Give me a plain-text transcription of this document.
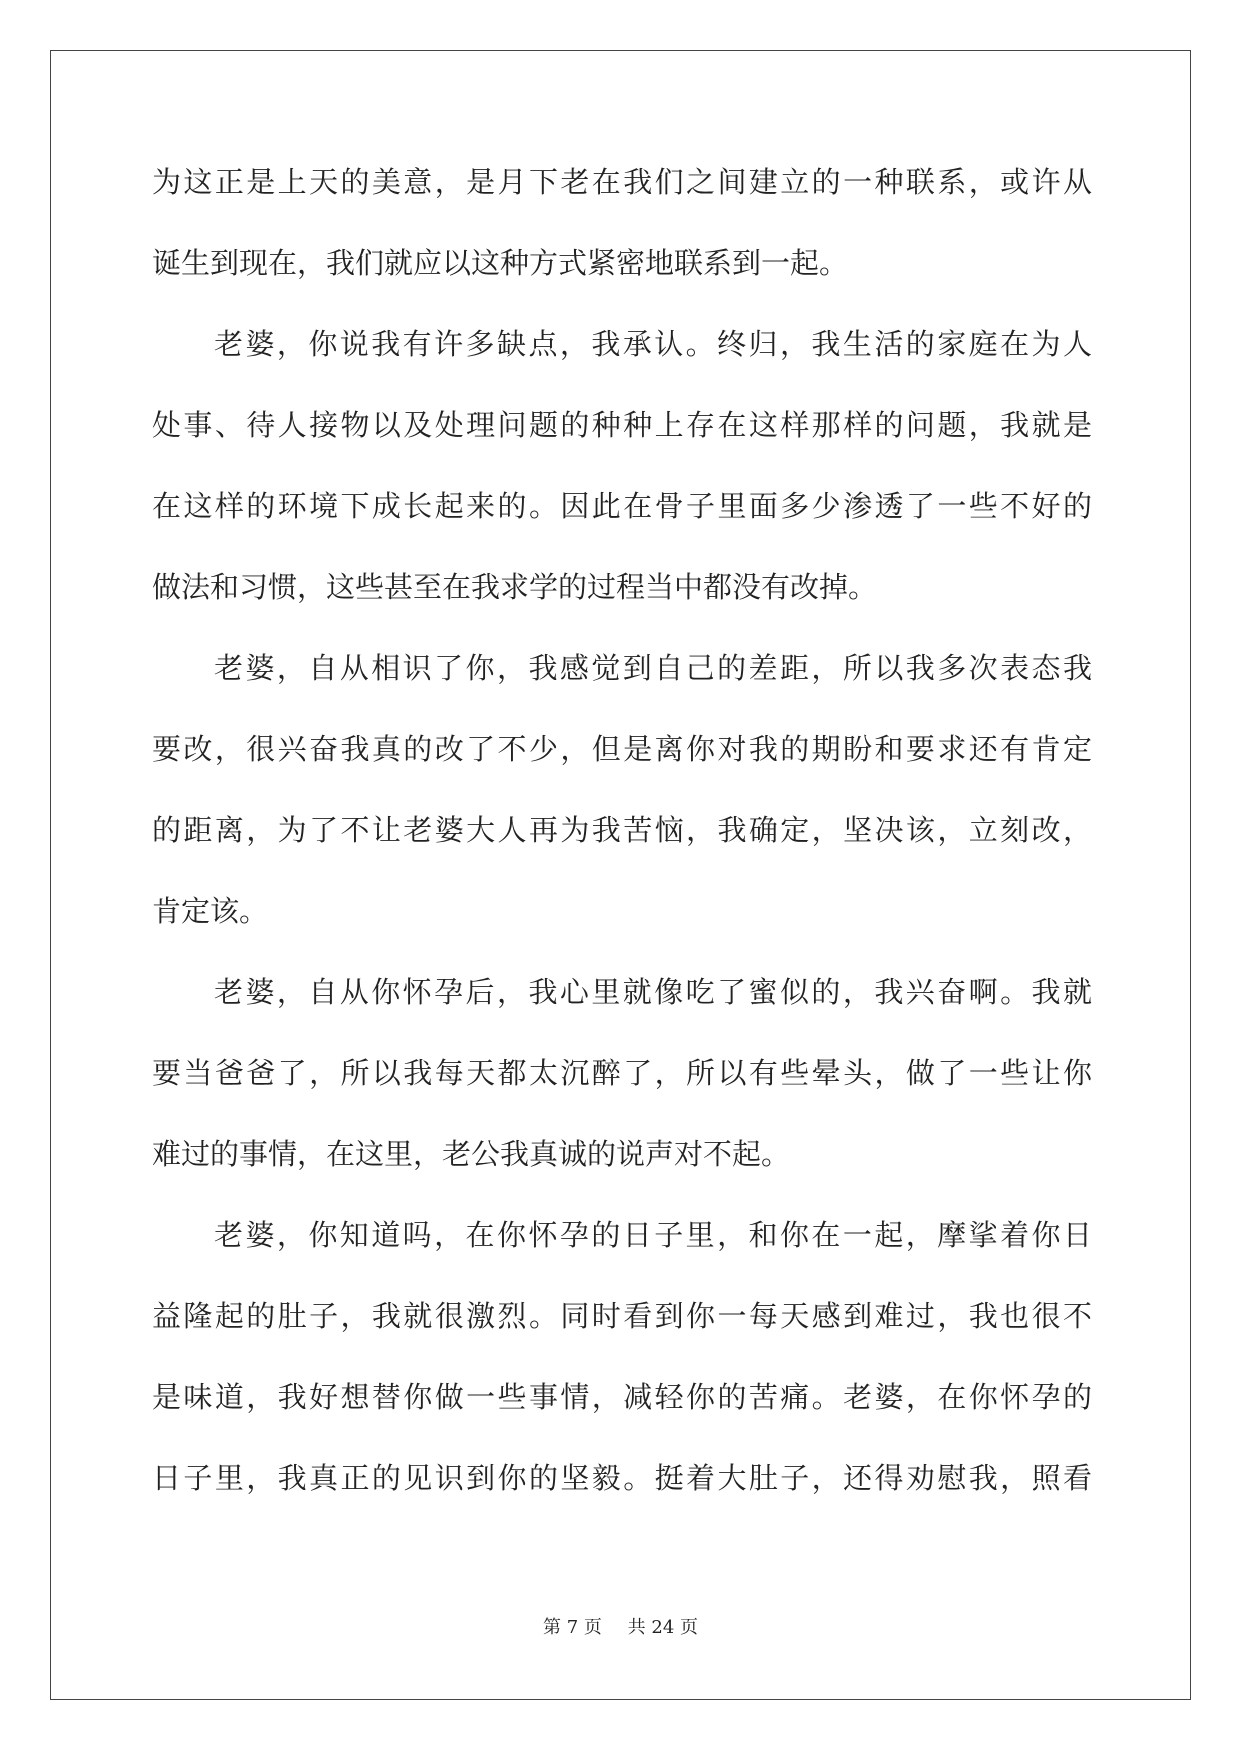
为这正是上天的美意，是月下老在我们之间建立的一种联系，或许从
诞生到现在，我们就应以这种方式紧密地联系到一起。
老婆，你说我有许多缺点，我承认。终归，我生活的家庭在为人
处事、待人接物以及处理问题的种种上存在这样那样的问题，我就是
在这样的环境下成长起来的。因此在骨子里面多少渗透了一些不好的
做法和习惯，这些甚至在我求学的过程当中都没有改掉。
老婆，自从相识了你，我感觉到自己的差距，所以我多次表态我
要改，很兴奋我真的改了不少，但是离你对我的期盼和要求还有肯定
的距离，为了不让老婆大人再为我苦恼，我确定，坚决该，立刻改，
肯定该。
老婆，自从你怀孕后，我心里就像吃了蜜似的，我兴奋啊。我就
要当爸爸了，所以我每天都太沉醉了，所以有些晕头，做了一些让你
难过的事情，在这里，老公我真诚的说声对不起。
老婆，你知道吗，在你怀孕的日子里，和你在一起，摩挲着你日
益隆起的肚子，我就很激烈。同时看到你一每天感到难过，我也很不
是味道，我好想替你做一些事情，减轻你的苦痛。老婆，在你怀孕的
日子里，我真正的见识到你的坚毅。挺着大肚子，还得劝慰我，照看
第 7 页 共 24 页
